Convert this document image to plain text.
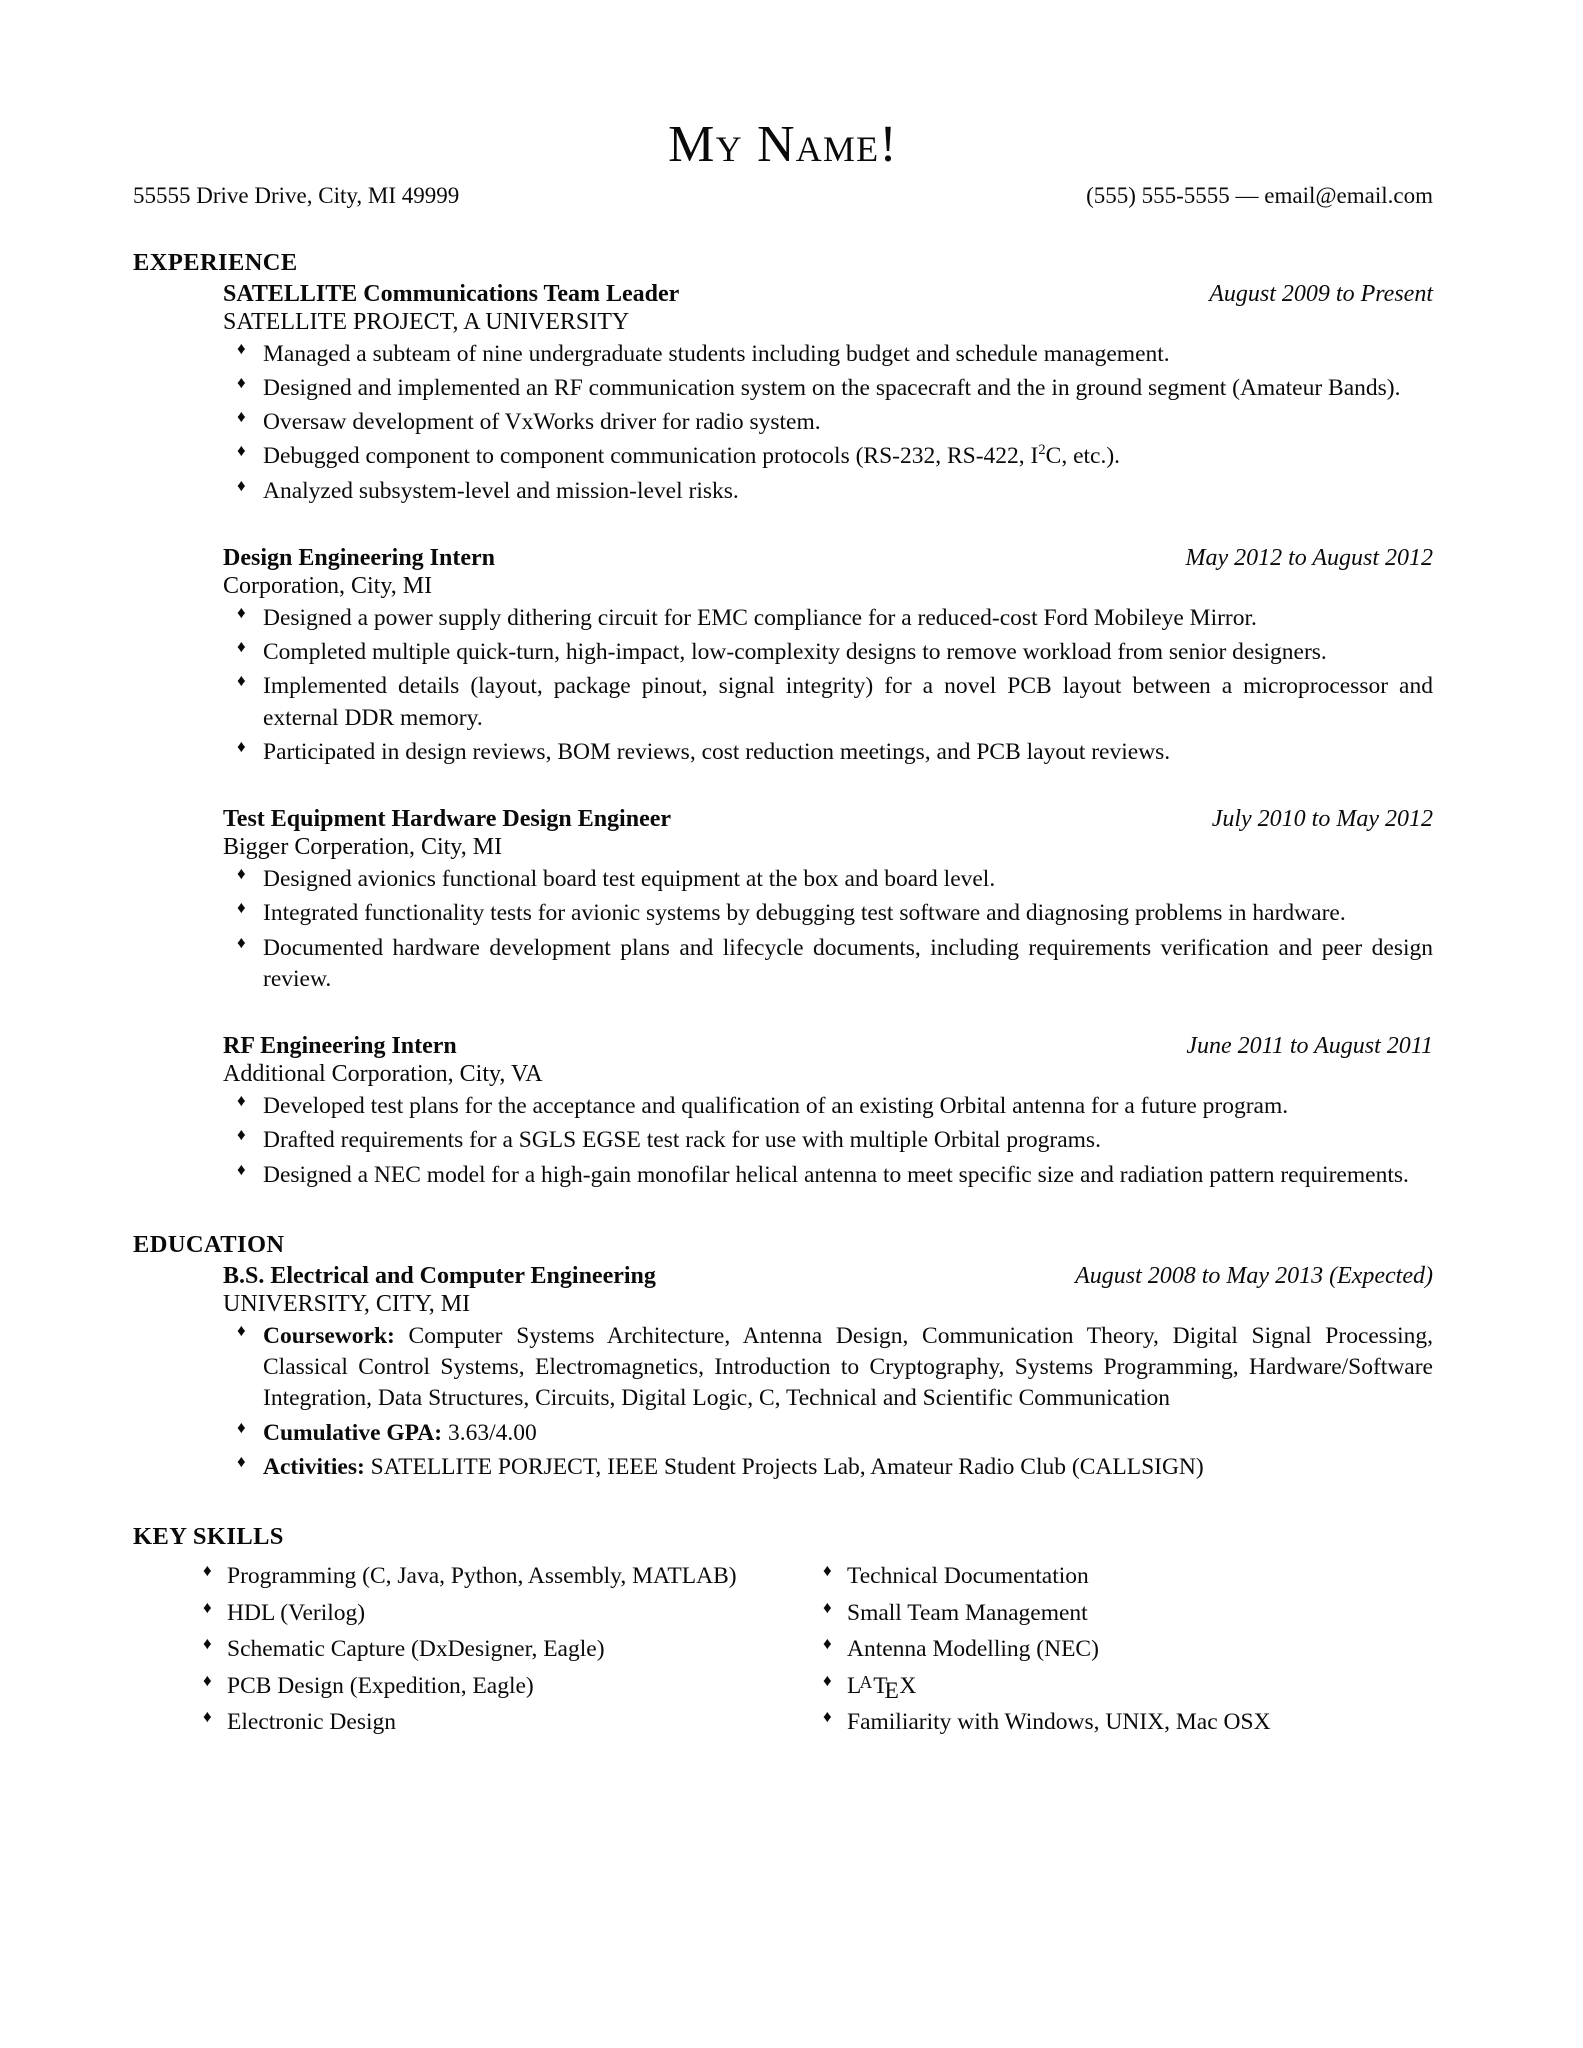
My Name!
55555 Drive Drive, City, MI 49999	(555) 555-5555 — email@email.com
EXPERIENCE
SATELLITE Communications Team Leader	August 2009 to Present
SATELLITE PROJECT, A UNIVERSITY
♦ Managed a subteam of nine undergraduate students including budget and schedule management.
♦ Designed and implemented an RF communication system on the spacecraft and the in ground segment (Amateur Bands).
♦ Oversaw development of VxWorks driver for radio system.
♦ Debugged component to component communication protocols (RS-232, RS-422, $I^2C$, etc.).
♦ Analyzed subsystem-level and mission-level risks.
Design Engineering Intern	May 2012 to August 2012
Corporation, City, MI
♦ Designed a power supply dithering circuit for EMC compliance for a reduced-cost Ford Mobileye Mirror.
♦ Completed multiple quick-turn, high-impact, low-complexity designs to remove workload from senior designers.
♦ Implemented details (layout, package pinout, signal integrity) for a novel PCB layout between a microprocessor and external DDR memory.
♦ Participated in design reviews, BOM reviews, cost reduction meetings, and PCB layout reviews.
Test Equipment Hardware Design Engineer	July 2010 to May 2012
Bigger Corperation, City, MI
♦ Designed avionics functional board test equipment at the box and board level.
♦ Integrated functionality tests for avionic systems by debugging test software and diagnosing problems in hardware.
♦ Documented hardware development plans and lifecycle documents, including requirements verification and peer design review.
RF Engineering Intern	June 2011 to August 2011
Additional Corporation, City, VA
♦ Developed test plans for the acceptance and qualification of an existing Orbital antenna for a future program.
♦ Drafted requirements for a SGLS EGSE test rack for use with multiple Orbital programs.
♦ Designed a NEC model for a high-gain monofilar helical antenna to meet specific size and radiation pattern requirements.
EDUCATION
B.S. Electrical and Computer Engineering	August 2008 to May 2013 (Expected)
UNIVERSITY, CITY, MI
♦ Coursework: Computer Systems Architecture, Antenna Design, Communication Theory, Digital Signal Processing, Classical Control Systems, Electromagnetics, Introduction to Cryptography, Systems Programming, Hardware/Software Integration, Data Structures, Circuits, Digital Logic, C, Technical and Scientific Communication
♦ Cumulative GPA: 3.63/4.00
♦ Activities: SATELLITE PORJECT, IEEE Student Projects Lab, Amateur Radio Club (CALLSIGN)
KEY SKILLS
♦ Programming (C, Java, Python, Assembly, MATLAB)
♦ HDL (Verilog)
♦ Schematic Capture (DxDesigner, Eagle)
♦ PCB Design (Expedition, Eagle)
♦ Electronic Design
♦ Technical Documentation
♦ Small Team Management
♦ Antenna Modelling (NEC)
♦ $L^ATEX$
♦ Familiarity with Windows, UNIX, Mac OSX
